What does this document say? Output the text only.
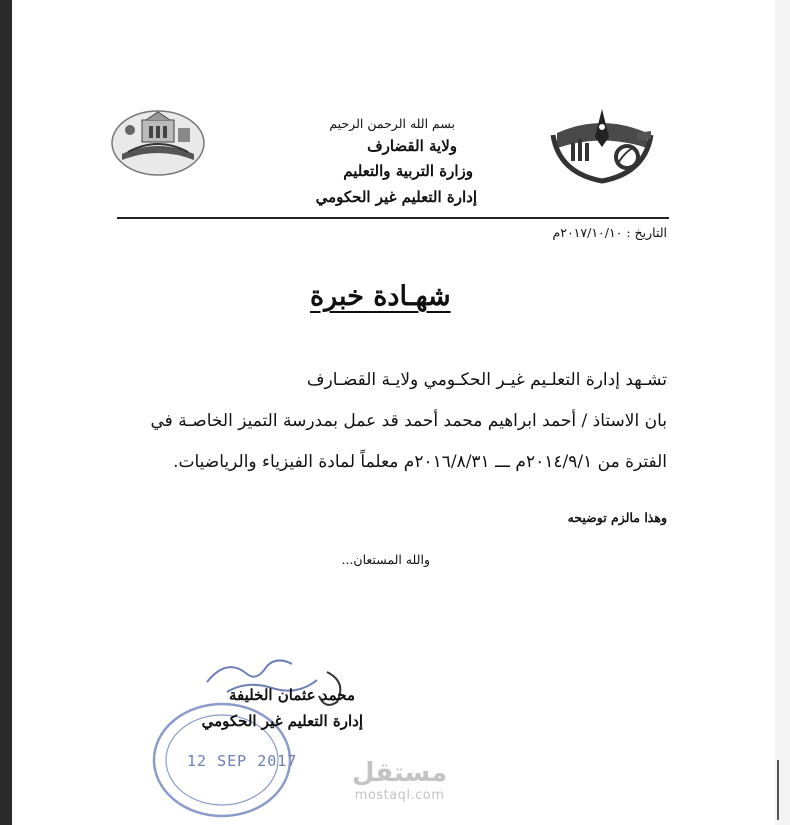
بسم الله الرحمن الرحيم
ولاية القضارف
وزارة التربية والتعليم
إدارة التعليم غير الحكومي
التاريخ : ٢٠١٧/١٠/١٠م
شهـادة خبرة
تشـهد إدارة التعلـيم غيـر الحكـومي ولايـة القضـارف
بان الاستاذ / أحمد ابراهيم محمد أحمد قد عمل بمدرسة التميز الخاصـة في
الفترة من ٢٠١٤/٩/١م ـــ ٢٠١٦/٨/٣١م معلماً لمادة الفيزياء والرياضيات.
وهذا مالزم توضيحه
والله المستعان...
12 SEP 2017
محمد عثمان الخليفة
إدارة التعليم غير الحكومي
مستقل
mostaql.com
